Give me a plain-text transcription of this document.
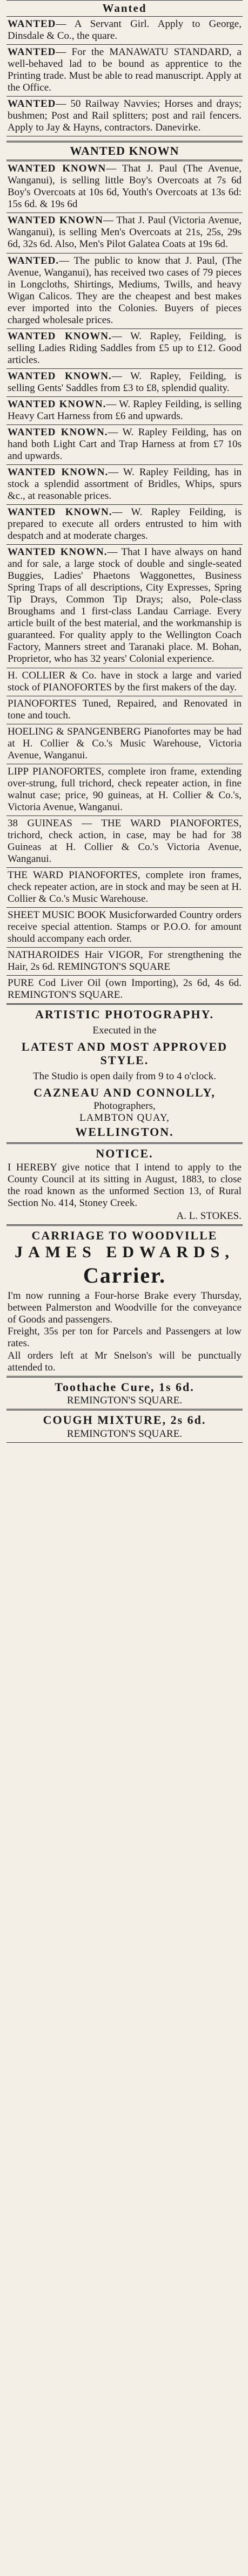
Wanted
WANTED— A Servant Girl. Apply to George, Dinsdale & Co., the quare.
WANTED— For the MANAWATU STANDARD, a well-behaved lad to be bound as apprentice to the Printing trade. Must be able to read manuscript. Apply at the Office.
WANTED— 50 Railway Navvies; Horses and drays; bushmen; Post and Rail splitters; post and rail fencers. Apply to Jay & Hayns, contractors. Danevirke.
WANTED KNOWN
WANTED KNOWN— That J. Paul (The Avenue, Wanganui), is selling little Boy's Overcoats at 7s 6d Boy's Overcoats at 10s 6d, Youth's Overcoats at 13s 6d: 15s 6d. & 19s 6d
WANTED KNOWN— That J. Paul (Victoria Avenue, Wanganui), is selling Men's Overcoats at 21s, 25s, 29s 6d, 32s 6d. Also, Men's Pilot Galatea Coats at 19s 6d.
WANTED.— The public to know that J. Paul, (The Avenue, Wanganui), has received two cases of 79 pieces in Longcloths, Shirtings, Mediums, Twills, and heavy Wigan Calicos. They are the cheapest and best makes ever imported into the Colonies. Buyers of pieces charged wholesale prices.
WANTED KNOWN.— W. Rapley, Feilding, is selling Ladies Riding Saddles from £5 up to £12. Good articles.
WANTED KNOWN.— W. Rapley, Feilding, is selling Gents' Saddles from £3 to £8, splendid quality.
WANTED KNOWN.— W. Rapley Feilding, is selling Heavy Cart Harness from £6 and upwards.
WANTED KNOWN.— W. Rapley Feilding, has on hand both Light Cart and Trap Harness at from £7 10s and upwards.
WANTED KNOWN.— W. Rapley Feilding, has in stock a splendid assortment of Bridles, Whips, spurs &c., at reasonable prices.
WANTED KNOWN.— W. Rapley Feilding, is prepared to execute all orders entrusted to him with despatch and at moderate charges.
WANTED KNOWN.— That I have always on hand and for sale, a large stock of double and single-seated Buggies, Ladies' Phaetons Waggonettes, Business Spring Traps of all descriptions, City Expresses, Spring Tip Drays, Common Tip Drays; also, Pole-class Broughams and 1 first-class Landau Carriage. Every article built of the best material, and the workmanship is guaranteed. For quality apply to the Wellington Coach Factory, Manners street and Taranaki place. M. Bohan, Proprietor, who has 32 years' Colonial experience.
H. COLLIER & Co. have in stock a large and varied stock of PIANOFORTES by the first makers of the day.
PIANOFORTES Tuned, Repaired, and Renovated in tone and touch.
HOELING & SPANGENBERG Pianofortes may be had at H. Collier & Co.'s Music Warehouse, Victoria Avenue, Wanganui.
LIPP PIANOFORTES, complete iron frame, extending over-strung, full trichord, check repeater action, in fine walnut case; price, 90 guineas, at H. Collier & Co.'s, Victoria Avenue, Wanganui.
38 GUINEAS — THE WARD PIANOFORTES, trichord, check action, in case, may be had for 38 Guineas at H. Collier & Co.'s Victoria Avenue, Wanganui.
THE WARD PIANOFORTES, complete iron frames, check repeater action, are in stock and may be seen at H. Collier & Co.'s Music Warehouse.
SHEET MUSIC BOOK Musicforwarded Country orders receive special attention. Stamps or P.O.O. for amount should accompany each order.
NATHAROIDES Hair VIGOR, For strengthening the Hair, 2s 6d. REMINGTON'S SQUARE
PURE Cod Liver Oil (own Importing), 2s 6d, 4s 6d. REMINGTON'S SQUARE.
ARTISTIC PHOTOGRAPHY.
Executed in the
LATEST AND MOST APPROVED STYLE.
The Studio is open daily from 9 to 4 o'clock.
CAZNEAU AND CONNOLLY,
Photographers,
LAMBTON QUAY,
WELLINGTON.
NOTICE.
I HEREBY give notice that I intend to apply to the County Council at its sitting in August, 1883, to close the road known as the unformed Section 13, of Rural Section No. 414, Stoney Creek.
A. L. STOKES.
CARRIAGE TO WOODVILLE
JAMES EDWARDS,
Carrier.
I'm now running a Four-horse Brake every Thursday, between Palmerston and Woodville for the conveyance of Goods and passengers.
Freight, 35s per ton for Parcels and Passengers at low rates.
All orders left at Mr Snelson's will be punctually attended to.
Toothache Cure, 1s 6d.
REMINGTON'S SQUARE.
COUGH MIXTURE, 2s 6d.
REMINGTON'S SQUARE.
